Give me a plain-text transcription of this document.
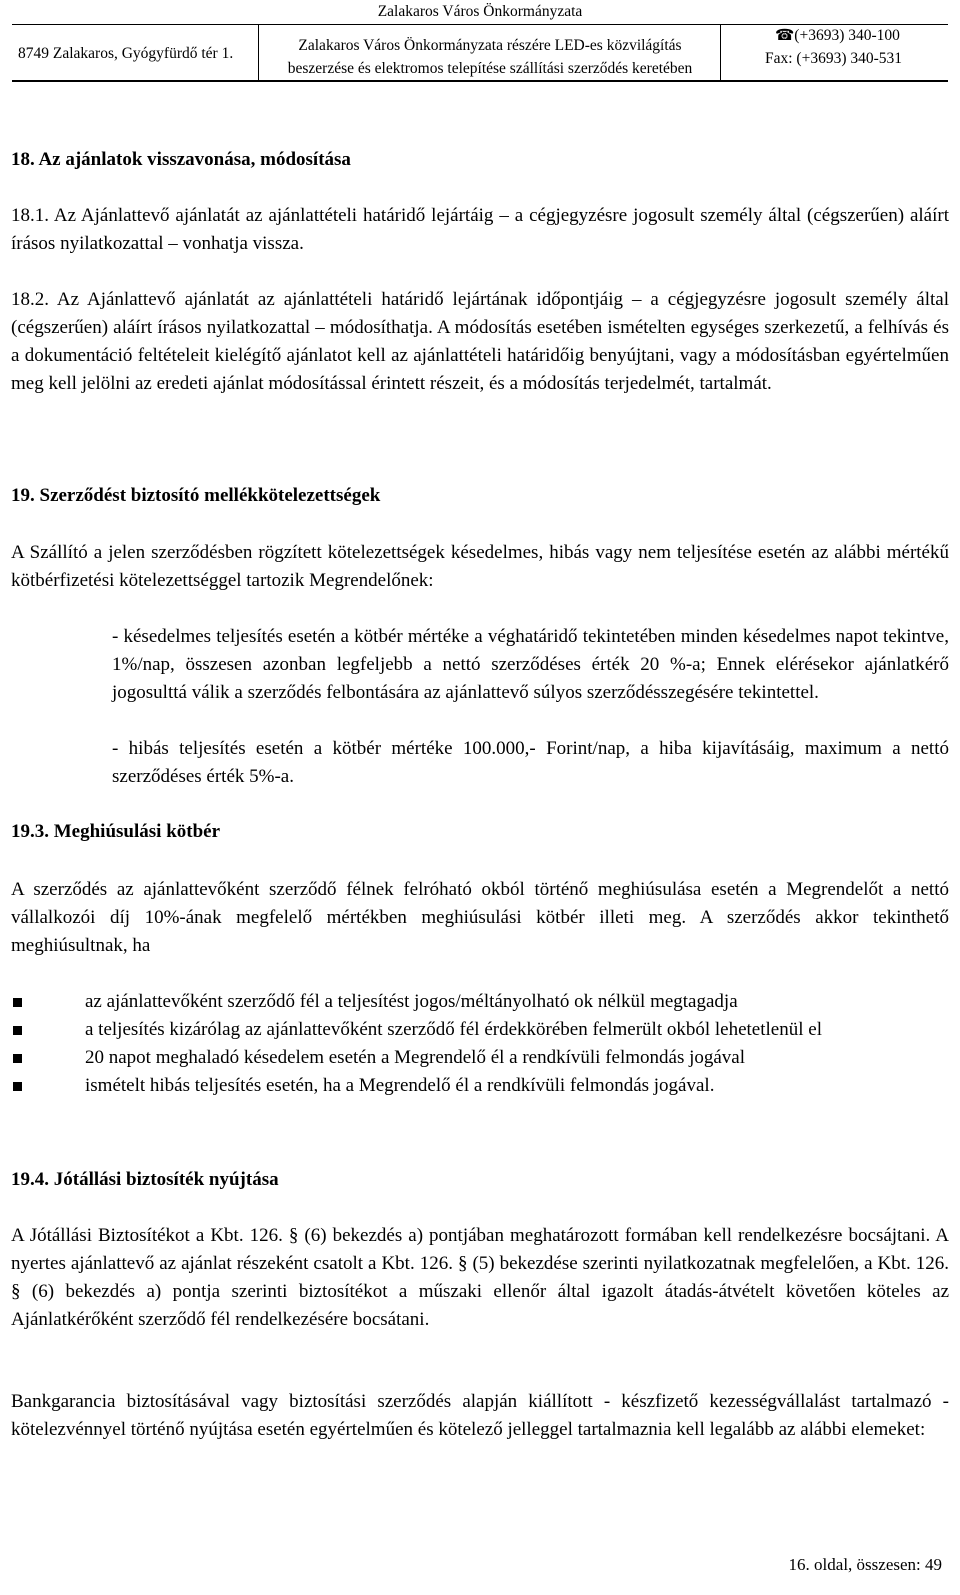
Zalakaros Város Önkormányzata
8749 Zalakaros, Gyógyfürdő tér 1.	Zalakaros Város Önkormányzata részére LED-es közvilágítás
beszerzése és elektromos telepítése szállítási szerződés keretében
☎(+3693) 340-100
Fax: (+3693) 340-531

18. Az ajánlatok visszavonása, módosítása

18.1. Az Ajánlattevő ajánlatát az ajánlattételi határidő lejártáig – a cégjegyzésre jogosult személy által (cégszerűen) aláírt írásos nyilatkozattal – vonhatja vissza.

18.2. Az Ajánlattevő ajánlatát az ajánlattételi határidő lejártának időpontjáig – a cégjegyzésre jogosult személy által (cégszerűen) aláírt írásos nyilatkozattal – módosíthatja. A módosítás esetében ismételten egységes szerkezetű, a felhívás és a dokumentáció feltételeit kielégítő ajánlatot kell az ajánlattételi határidőig benyújtani, vagy a módosításban egyértelműen meg kell jelölni az eredeti ajánlat módosítással érintett részeit, és a módosítás terjedelmét, tartalmát.

19. Szerződést biztosító mellékkötelezettségek

A Szállító a jelen szerződésben rögzített kötelezettségek késedelmes, hibás vagy nem teljesítése esetén az alábbi mértékű kötbérfizetési kötelezettséggel tartozik Megrendelőnek:

- késedelmes teljesítés esetén a kötbér mértéke a véghatáridő tekintetében minden késedelmes napot tekintve, 1%/nap, összesen azonban legfeljebb a nettó szerződéses érték 20 %-a; Ennek elérésekor ajánlatkérő jogosulttá válik a szerződés felbontására az ajánlattevő súlyos szerződésszegésére tekintettel.

- hibás teljesítés esetén a kötbér mértéke 100.000,- Forint/nap, a hiba kijavításáig, maximum a nettó szerződéses érték 5%-a.

19.3. Meghiúsulási kötbér

A szerződés az ajánlattevőként szerződő félnek felróható okból történő meghiúsulása esetén a Megrendelőt a nettó vállalkozói díj 10%-ának megfelelő mértékben meghiúsulási kötbér illeti meg. A szerződés akkor tekinthető meghiúsultnak, ha

az ajánlattevőként szerződő fél a teljesítést jogos/méltányolható ok nélkül megtagadja
a teljesítés kizárólag az ajánlattevőként szerződő fél érdekkörében felmerült okból lehetetlenül el
20 napot meghaladó késedelem esetén a Megrendelő él a rendkívüli felmondás jogával
ismételt hibás teljesítés esetén, ha a Megrendelő él a rendkívüli felmondás jogával.

19.4. Jótállási biztosíték nyújtása

A Jótállási Biztosítékot a Kbt. 126. § (6) bekezdés a) pontjában meghatározott formában kell rendelkezésre bocsájtani. A nyertes ajánlattevő az ajánlat részeként csatolt a Kbt. 126. § (5) bekezdése szerinti nyilatkozatnak megfelelően, a Kbt. 126. § (6) bekezdés a) pontja szerinti biztosítékot a műszaki ellenőr által igazolt átadás-átvételt követően köteles az Ajánlatkérőként szerződő fél rendelkezésére bocsátani.

Bankgarancia biztosításával vagy biztosítási szerződés alapján kiállított - készfizető kezességvállalást tartalmazó - kötelezvénnyel történő nyújtása esetén egyértelműen és kötelező jelleggel tartalmaznia kell legalább az alábbi elemeket:

16. oldal, összesen: 49
